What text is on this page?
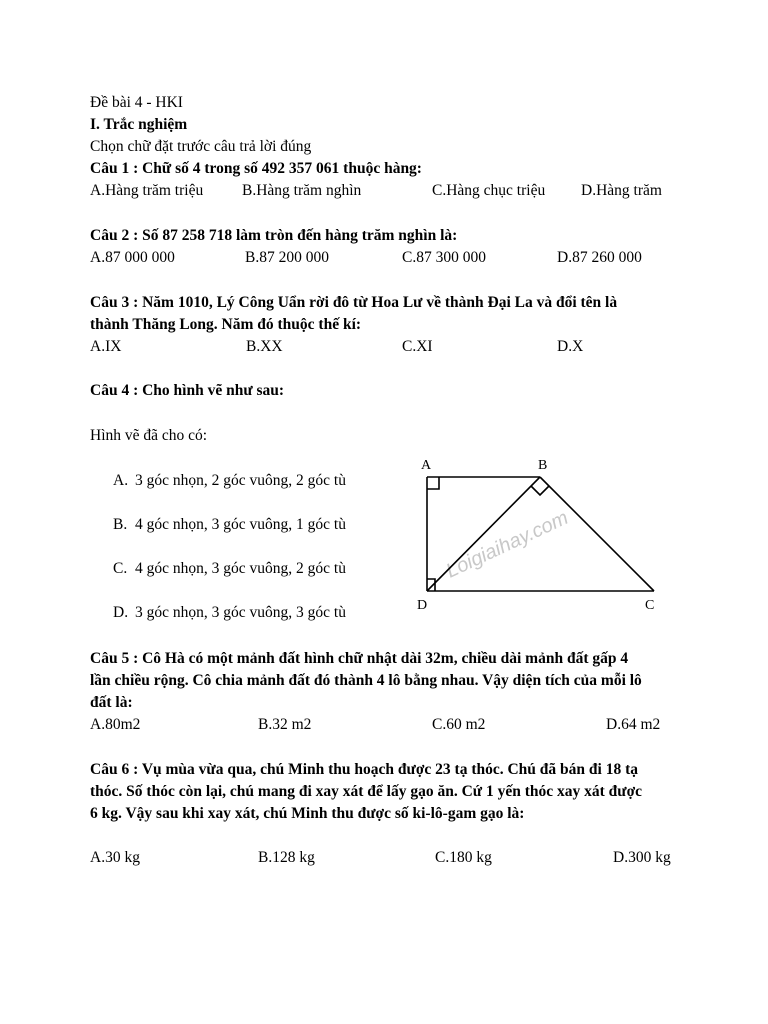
Đề bài 4 - HKI
I. Trắc nghiệm
Chọn chữ đặt trước câu trả lời đúng
Câu 1 : Chữ số 4 trong số 492 357 061 thuộc hàng:
A.Hàng trăm triệu	B.Hàng trăm nghìn	C.Hàng chục triệu D.Hàng trăm
Câu 2 : Số 87 258 718 làm tròn đến hàng trăm nghìn là:
A.87 000 000	B.87 200 000	C.87 300 000	D.87 260 000
Câu 3 : Năm 1010, Lý Công Uẩn rời đô từ Hoa Lư về thành Đại La và đổi tên là
thành Thăng Long. Năm đó thuộc thế kí:
A.IX	B.XX	C.XI	D.X
Câu 4 : Cho hình vẽ như sau:
Hình vẽ đã cho có:
A. 3 góc nhọn, 2 góc vuông, 2 góc tù
B. 4 góc nhọn, 3 góc vuông, 1 góc tù
C. 4 góc nhọn, 3 góc vuông, 2 góc tù
D. 3 góc nhọn, 3 góc vuông, 3 góc tù
Loigiaihay.com
A	B
D	C
Câu 5 : Cô Hà có một mảnh đất hình chữ nhật dài 32m, chiều dài mảnh đất gấp 4
lần chiều rộng. Cô chia mảnh đất đó thành 4 lô bằng nhau. Vậy diện tích của mỗi lô
đất là:
A.80m2	B.32 m2	C.60 m2	D.64 m2
Câu 6 : Vụ mùa vừa qua, chú Minh thu hoạch được 23 tạ thóc. Chú đã bán đi 18 tạ
thóc. Số thóc còn lại, chú mang đi xay xát để lấy gạo ăn. Cứ 1 yến thóc xay xát được
6 kg. Vậy sau khi xay xát, chú Minh thu được số ki-lô-gam gạo là:
A.30 kg	B.128 kg	C.180 kg	D.300 kg
